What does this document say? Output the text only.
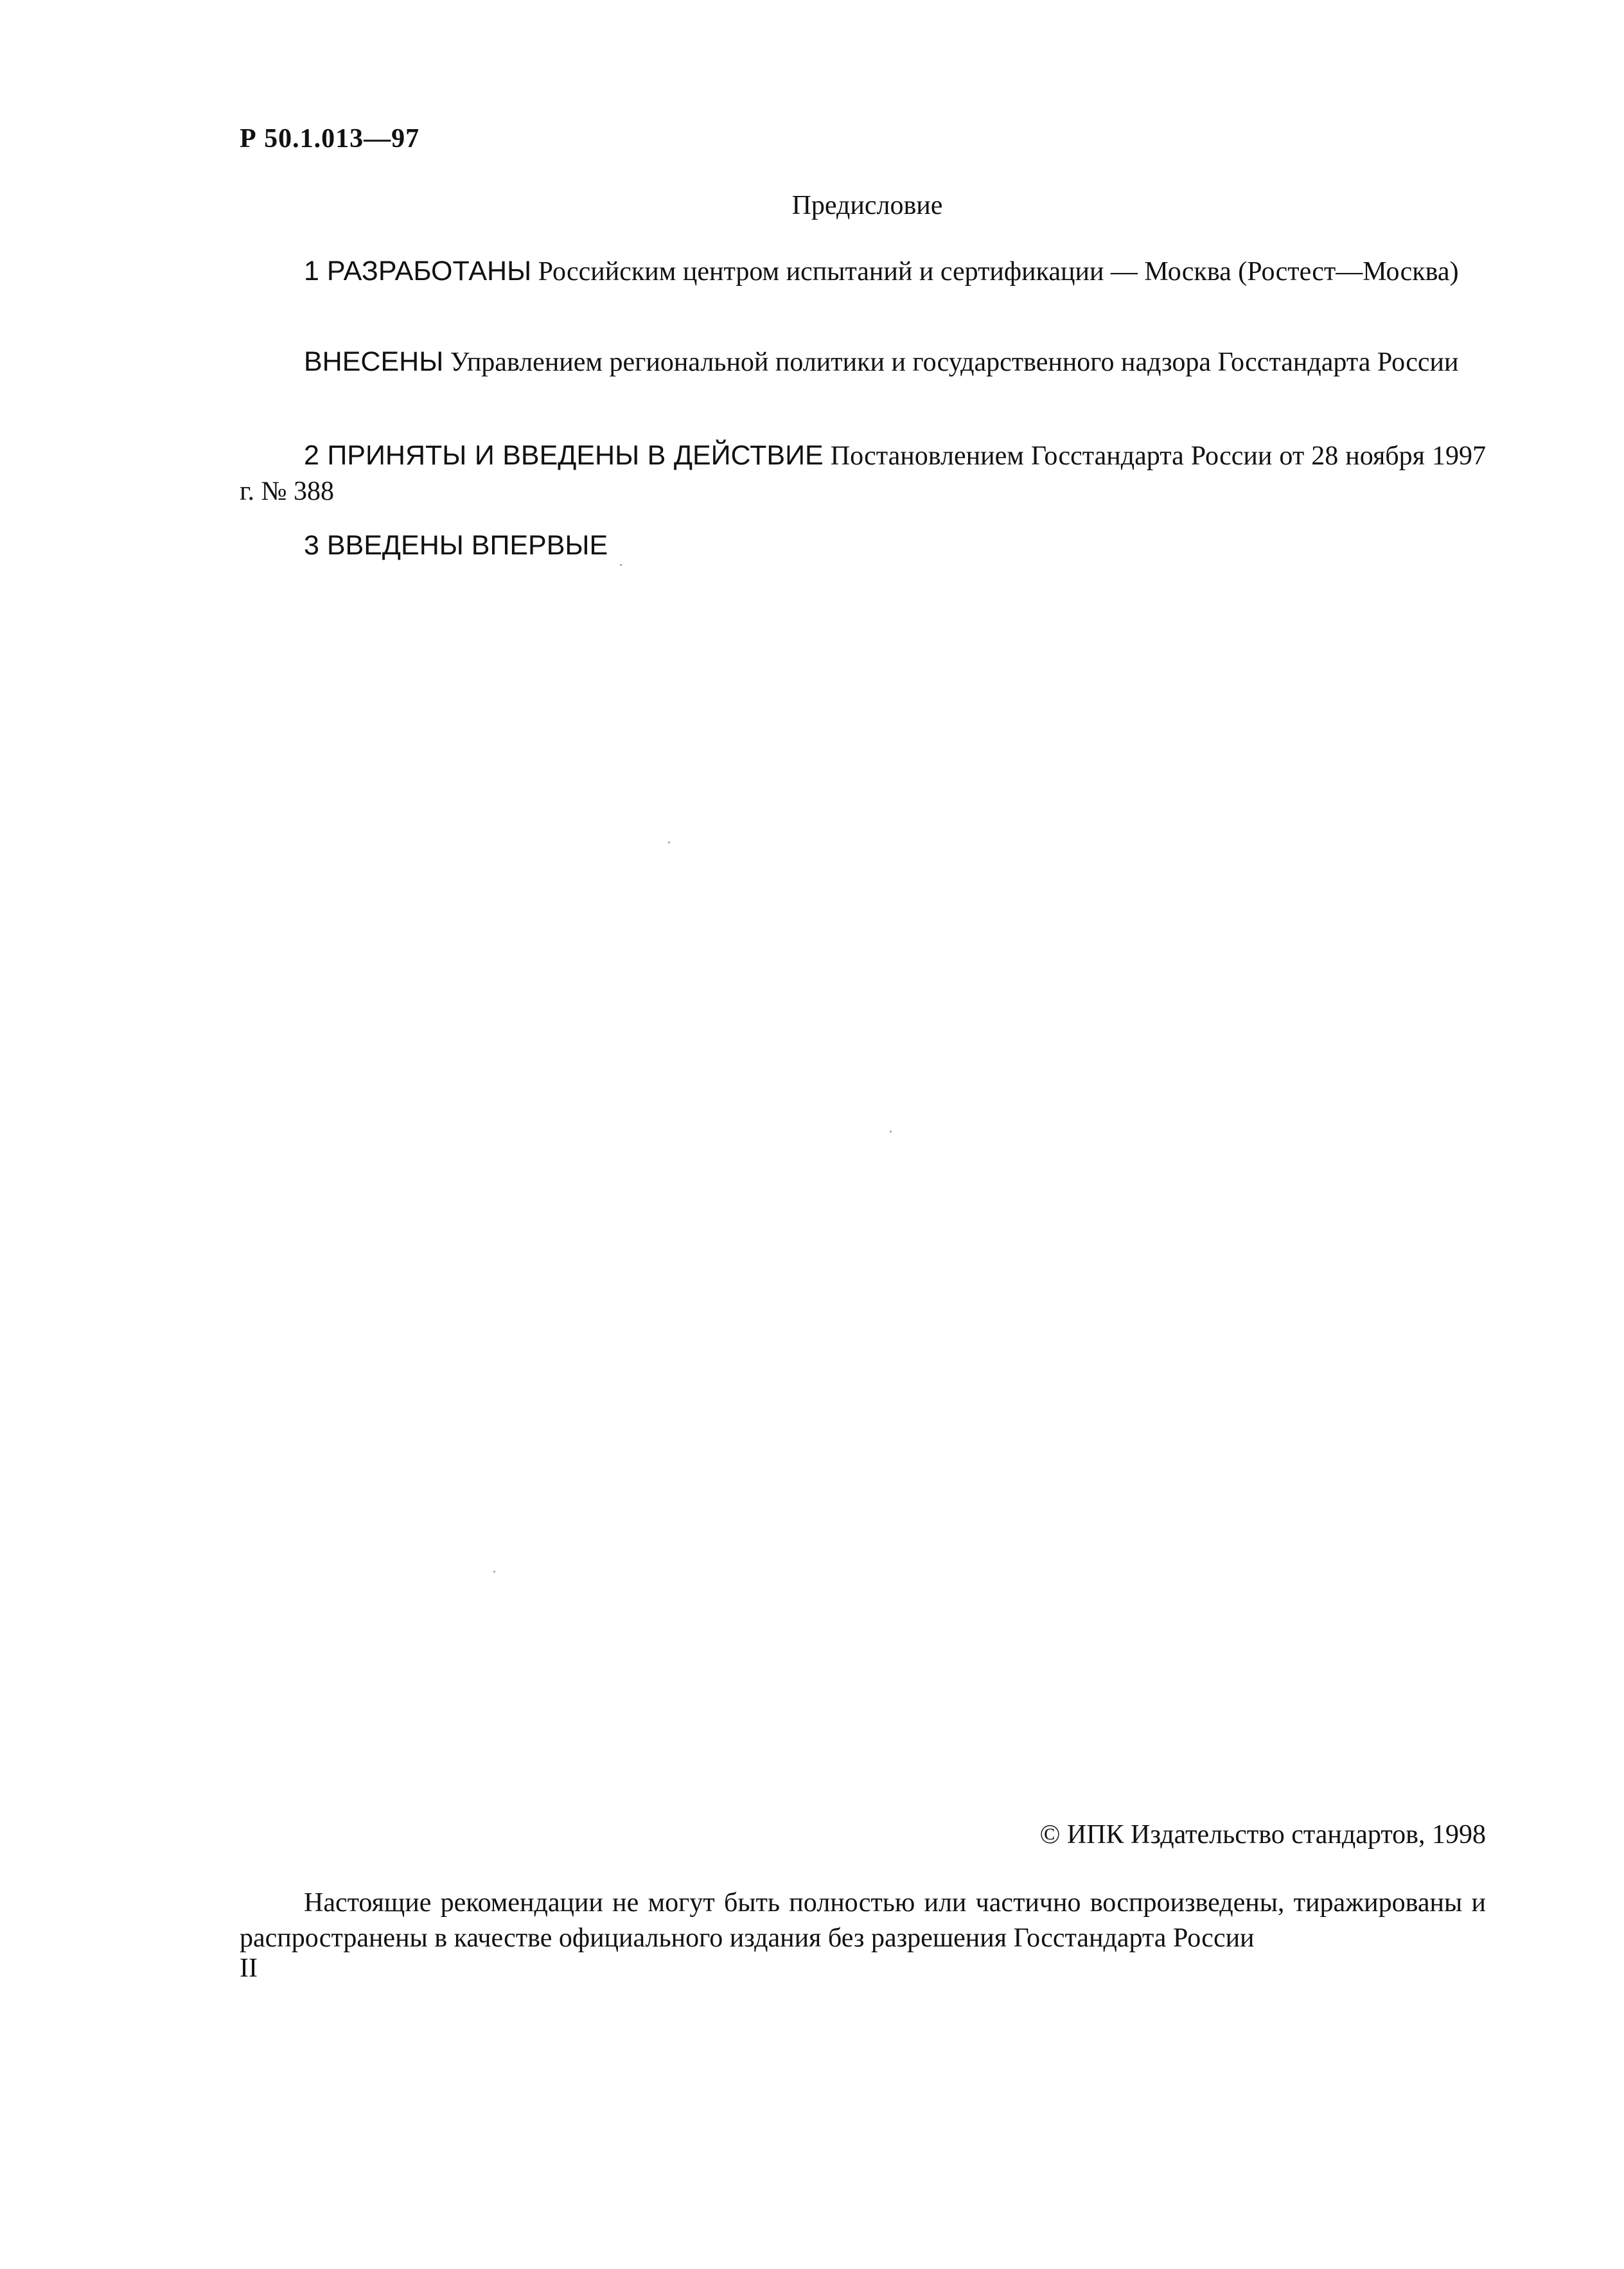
Р 50.1.013—97
Предисловие
1 РАЗРАБОТАНЫ Российским центром испытаний и сертификации — Москва (Ростест—Москва)
ВНЕСЕНЫ Управлением региональной политики и государственного надзора Госстандарта России
2 ПРИНЯТЫ И ВВЕДЕНЫ В ДЕЙСТВИЕ Постановлением Госстандарта России от 28 ноября 1997 г. № 388
3 ВВЕДЕНЫ ВПЕРВЫЕ
© ИПК Издательство стандартов, 1998
Настоящие рекомендации не могут быть полностью или частично воспроизведены, тиражированы и распространены в качестве официального издания без разрешения Госстандарта России
II
